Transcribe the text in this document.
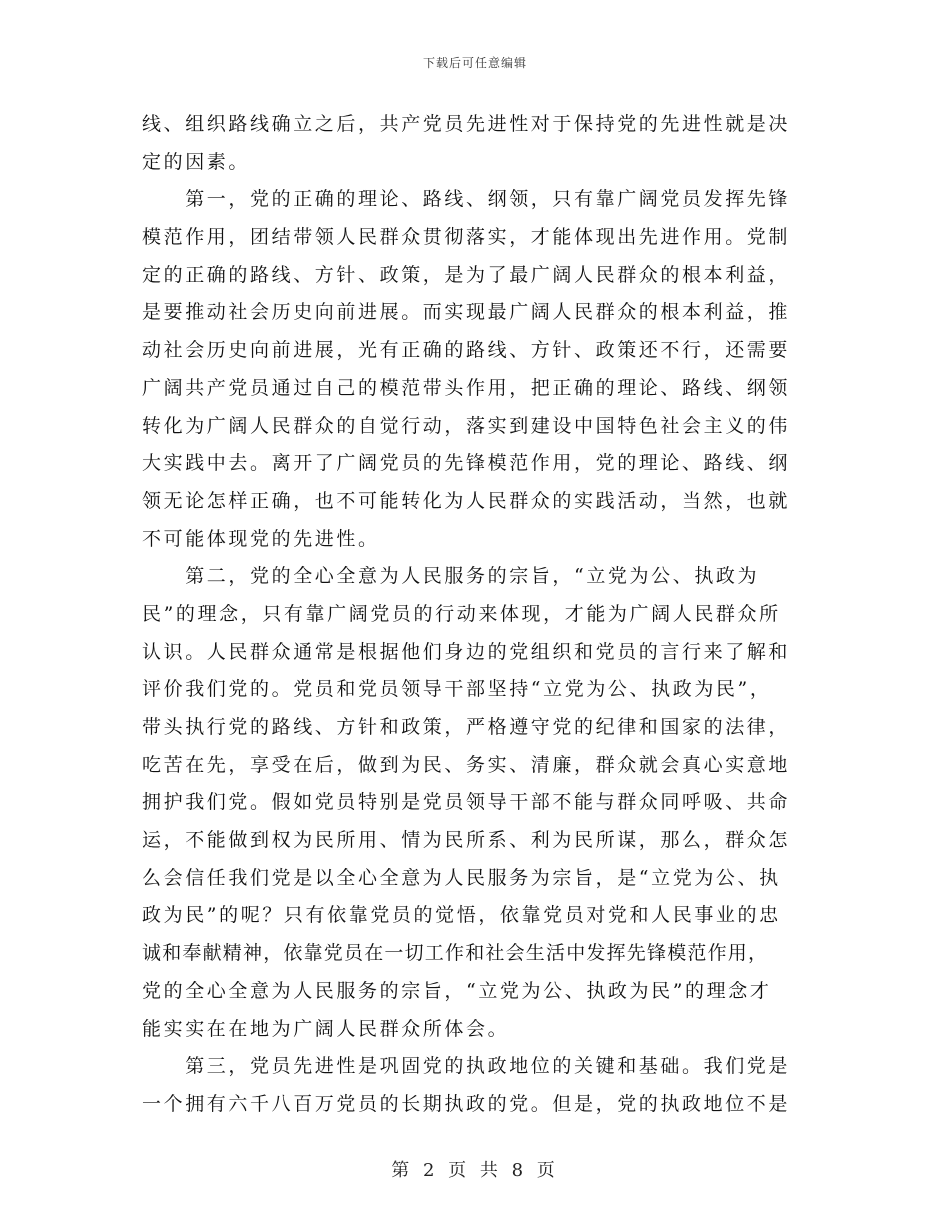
下载后可任意编辑
线、组织路线确立之后，共产党员先进性对于保持党的先进性就是决
定的因素。
　　第一，党的正确的理论、路线、纲领，只有靠广阔党员发挥先锋
模范作用，团结带领人民群众贯彻落实，才能体现出先进作用。党制
定的正确的路线、方针、政策，是为了最广阔人民群众的根本利益，
是要推动社会历史向前进展。而实现最广阔人民群众的根本利益，推
动社会历史向前进展，光有正确的路线、方针、政策还不行，还需要
广阔共产党员通过自己的模范带头作用，把正确的理论、路线、纲领
转化为广阔人民群众的自觉行动，落实到建设中国特色社会主义的伟
大实践中去。离开了广阔党员的先锋模范作用，党的理论、路线、纲
领无论怎样正确，也不可能转化为人民群众的实践活动，当然，也就
不可能体现党的先进性。
　　第二，党的全心全意为人民服务的宗旨，“立党为公、执政为
民”的理念，只有靠广阔党员的行动来体现，才能为广阔人民群众所
认识。人民群众通常是根据他们身边的党组织和党员的言行来了解和
评价我们党的。党员和党员领导干部坚持“立党为公、执政为民”，
带头执行党的路线、方针和政策，严格遵守党的纪律和国家的法律，
吃苦在先，享受在后，做到为民、务实、清廉，群众就会真心实意地
拥护我们党。假如党员特别是党员领导干部不能与群众同呼吸、共命
运，不能做到权为民所用、情为民所系、利为民所谋，那么，群众怎
么会信任我们党是以全心全意为人民服务为宗旨，是“立党为公、执
政为民”的呢？只有依靠党员的觉悟，依靠党员对党和人民事业的忠
诚和奉献精神，依靠党员在一切工作和社会生活中发挥先锋模范作用，
党的全心全意为人民服务的宗旨，“立党为公、执政为民”的理念才
能实实在在地为广阔人民群众所体会。
　　第三，党员先进性是巩固党的执政地位的关键和基础。我们党是
一个拥有六千八百万党员的长期执政的党。但是，党的执政地位不是
第 2 页 共 8 页
